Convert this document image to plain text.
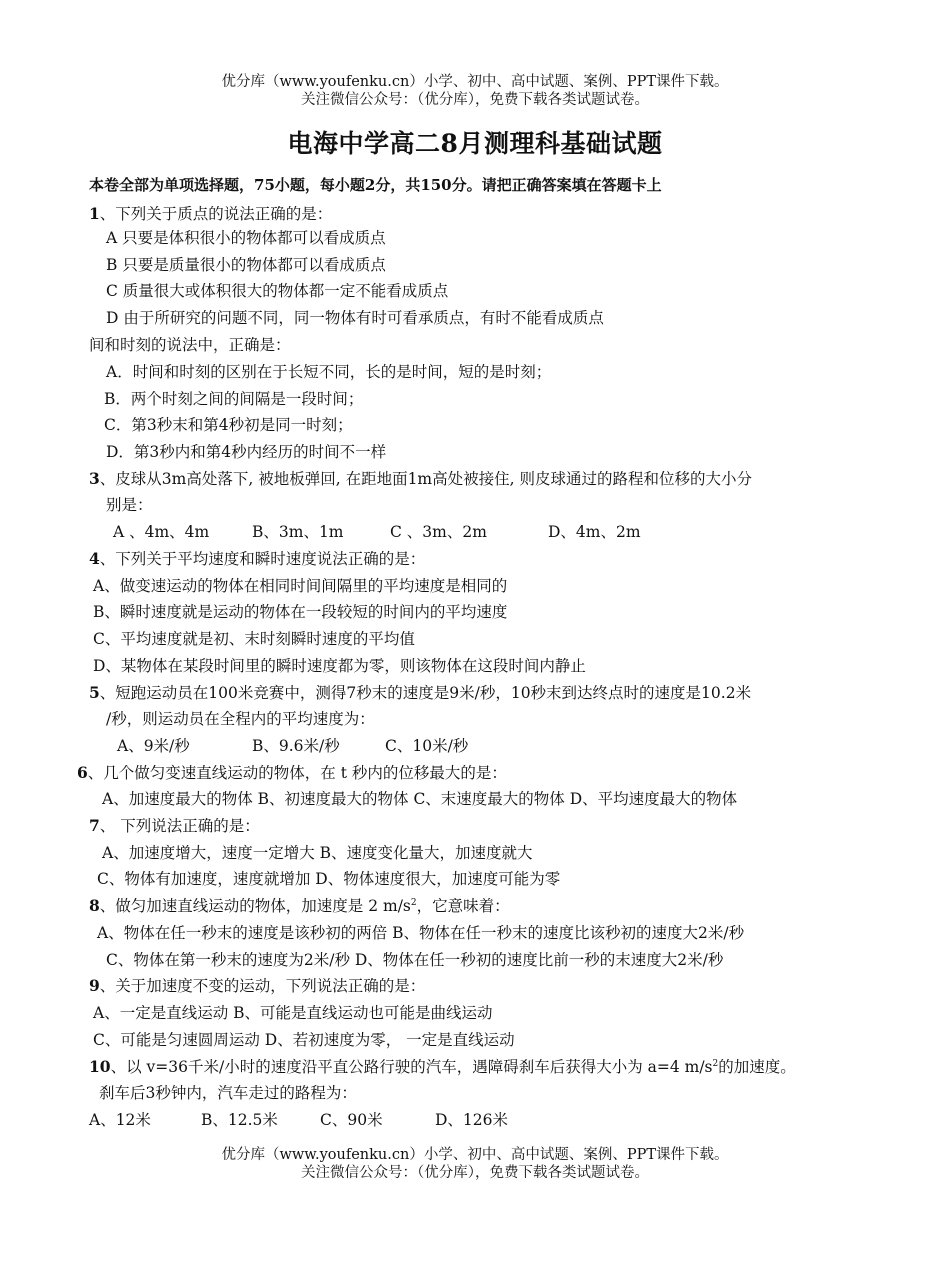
优分库（www.youfenku.cn）小学、初中、高中试题、案例、PPT课件下载。
关注微信公众号：（优分库），免费下载各类试题试卷。
电海中学高二8月测理科基础试题
本卷全部为单项选择题，75小题，每小题2分，共150分。请把正确答案填在答题卡上
1、下列关于质点的说法正确的是：
A 只要是体积很小的物体都可以看成质点
B 只要是质量很小的物体都可以看成质点
C 质量很大或体积很大的物体都一定不能看成质点
D 由于所研究的问题不同，同一物体有时可看承质点，有时不能看成质点
间和时刻的说法中，正确是：
A．时间和时刻的区别在于长短不同，长的是时间，短的是时刻；
B．两个时刻之间的间隔是一段时间；
C．第3秒末和第4秒初是同一时刻；
D．第3秒内和第4秒内经历的时间不一样
3、皮球从3m高处落下, 被地板弹回, 在距地面1m高处被接住, 则皮球通过的路程和位移的大小分
别是：
A 、4m、4m	B、3m、1m	C 、3m、2m	D、4m、2m
4、下列关于平均速度和瞬时速度说法正确的是：
A、做变速运动的物体在相同时间间隔里的平均速度是相同的
B、瞬时速度就是运动的物体在一段较短的时间内的平均速度
C、平均速度就是初、末时刻瞬时速度的平均值
D、某物体在某段时间里的瞬时速度都为零，则该物体在这段时间内静止
5、短跑运动员在100米竞赛中，测得7秒末的速度是9米/秒，10秒末到达终点时的速度是10.2米
/秒，则运动员在全程内的平均速度为：
A、9米/秒	B、9.6米/秒	C、10米/秒
6、几个做匀变速直线运动的物体，在 t 秒内的位移最大的是：
A、加速度最大的物体 B、初速度最大的物体 C、末速度最大的物体 D、平均速度最大的物体
7、 下列说法正确的是：
A、加速度增大，速度一定增大 B、速度变化量大，加速度就大
C、物体有加速度，速度就增加 D、物体速度很大，加速度可能为零
8、做匀加速直线运动的物体，加速度是 2 $m/s^2$，它意味着：
A、物体在任一秒末的速度是该秒初的两倍 B、物体在任一秒末的速度比该秒初的速度大2米/秒
C、物体在第一秒末的速度为2米/秒 D、物体在任一秒初的速度比前一秒的末速度大2米/秒
9、关于加速度不变的运动，下列说法正确的是：
A、一定是直线运动 B、可能是直线运动也可能是曲线运动
C、可能是匀速圆周运动 D、若初速度为零， 一定是直线运动
10、以 v=36千米/小时的速度沿平直公路行驶的汽车，遇障碍刹车后获得大小为 a=4 $m/s^2$的加速度。
刹车后3秒钟内，汽车走过的路程为：
A、12米	B、12.5米	C、90米	D、126米
优分库（www.youfenku.cn）小学、初中、高中试题、案例、PPT课件下载。
关注微信公众号：（优分库），免费下载各类试题试卷。
